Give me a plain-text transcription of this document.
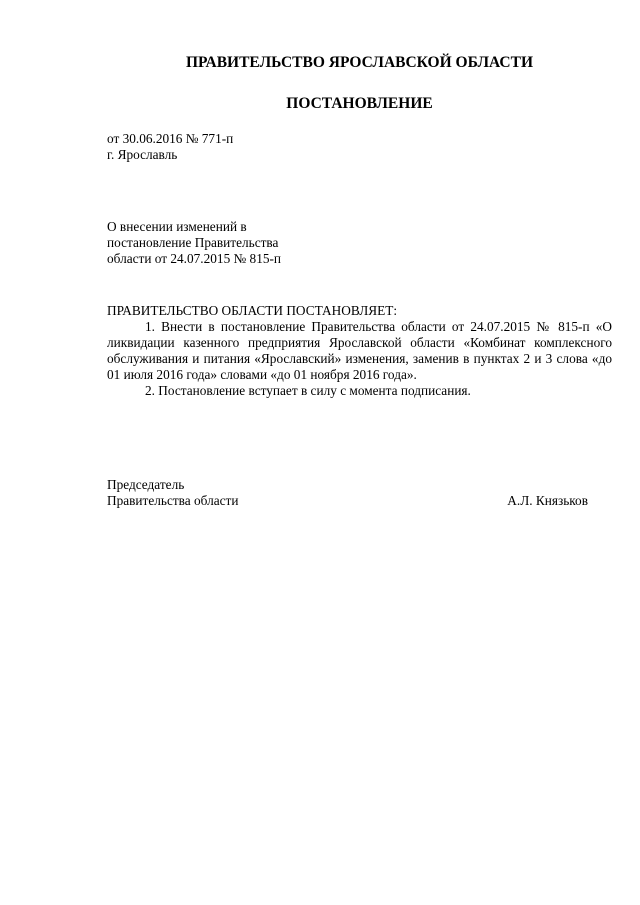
ПРАВИТЕЛЬСТВО ЯРОСЛАВСКОЙ ОБЛАСТИ
ПОСТАНОВЛЕНИЕ
от 30.06.2016 № 771-п
г. Ярославль
О внесении изменений в
постановление Правительства
области от 24.07.2015 № 815-п
ПРАВИТЕЛЬСТВО ОБЛАСТИ ПОСТАНОВЛЯЕТ:

1. Внести в постановление Правительства области от 24.07.2015 № 815-п «О ликвидации казенного предприятия Ярославской области «Комбинат комплексного обслуживания и питания «Ярославский» изменения, заменив в пунктах 2 и 3 слова «до 01 июля 2016 года» словами «до 01 ноября 2016 года».

2. Постановление вступает в силу с момента подписания.

Председатель
Правительства области	А.Л. Князьков
